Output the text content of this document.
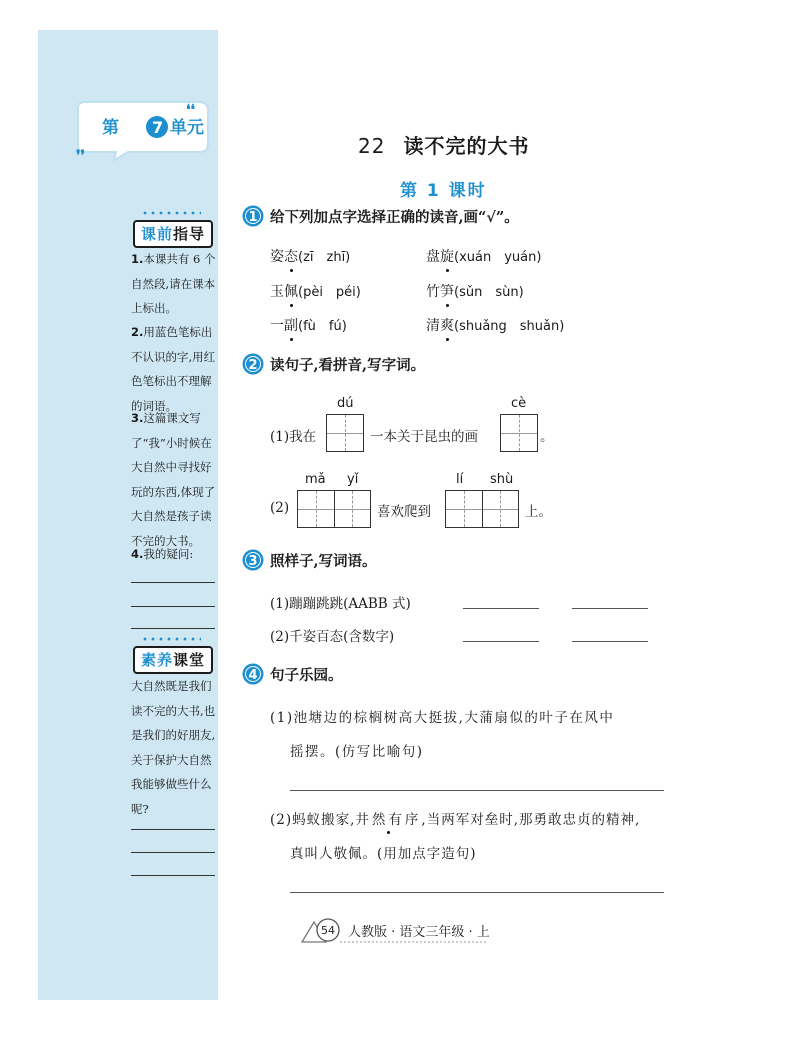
❛❛
❜❜
第 7 单元
课前指导

1.本课共有 6 个自然段,请在课本上标出。

2.用蓝色笔标出不认识的字,用红色笔标出不理解的词语。

3.这篇课文写了“我”小时候在大自然中寻找好玩的东西,体现了大自然是孩子读不完的大书。

4.我的疑问:

素养课堂

大自然既是我们读不完的大书,也是我们的好朋友,关于保护大自然我能够做些什么呢?

22 读不完的大书
第 1 课时
1
2
3
4
给下列加点字选择正确的读音,画“√”。
姿态(zī　zhī)	盘旋(xuán　yuán)
玉佩(pèi　péi)	竹笋(sǔn　sùn)
一副(fù　fú)	清爽(shuǎng　shuǎn)
读句子,看拼音,写字词。
(1)我在
dú
一本关于昆虫的画
cè
。
(2)
mǎ yǐ
喜欢爬到
lí shù
上。
照样子,写词语。
(1)蹦蹦跳跳(AABB 式)
(2)千姿百态(含数字)
句子乐园。
(1)池塘边的棕榈树高大挺拔,大蒲扇似的叶子在风中
摇摆。(仿写比喻句)
(2)蚂蚁搬家,井然有序,当两军对垒时,那勇敢忠贞的精神,
真叫人敬佩。(用加点字造句)
54 人教版 · 语文三年级 · 上
